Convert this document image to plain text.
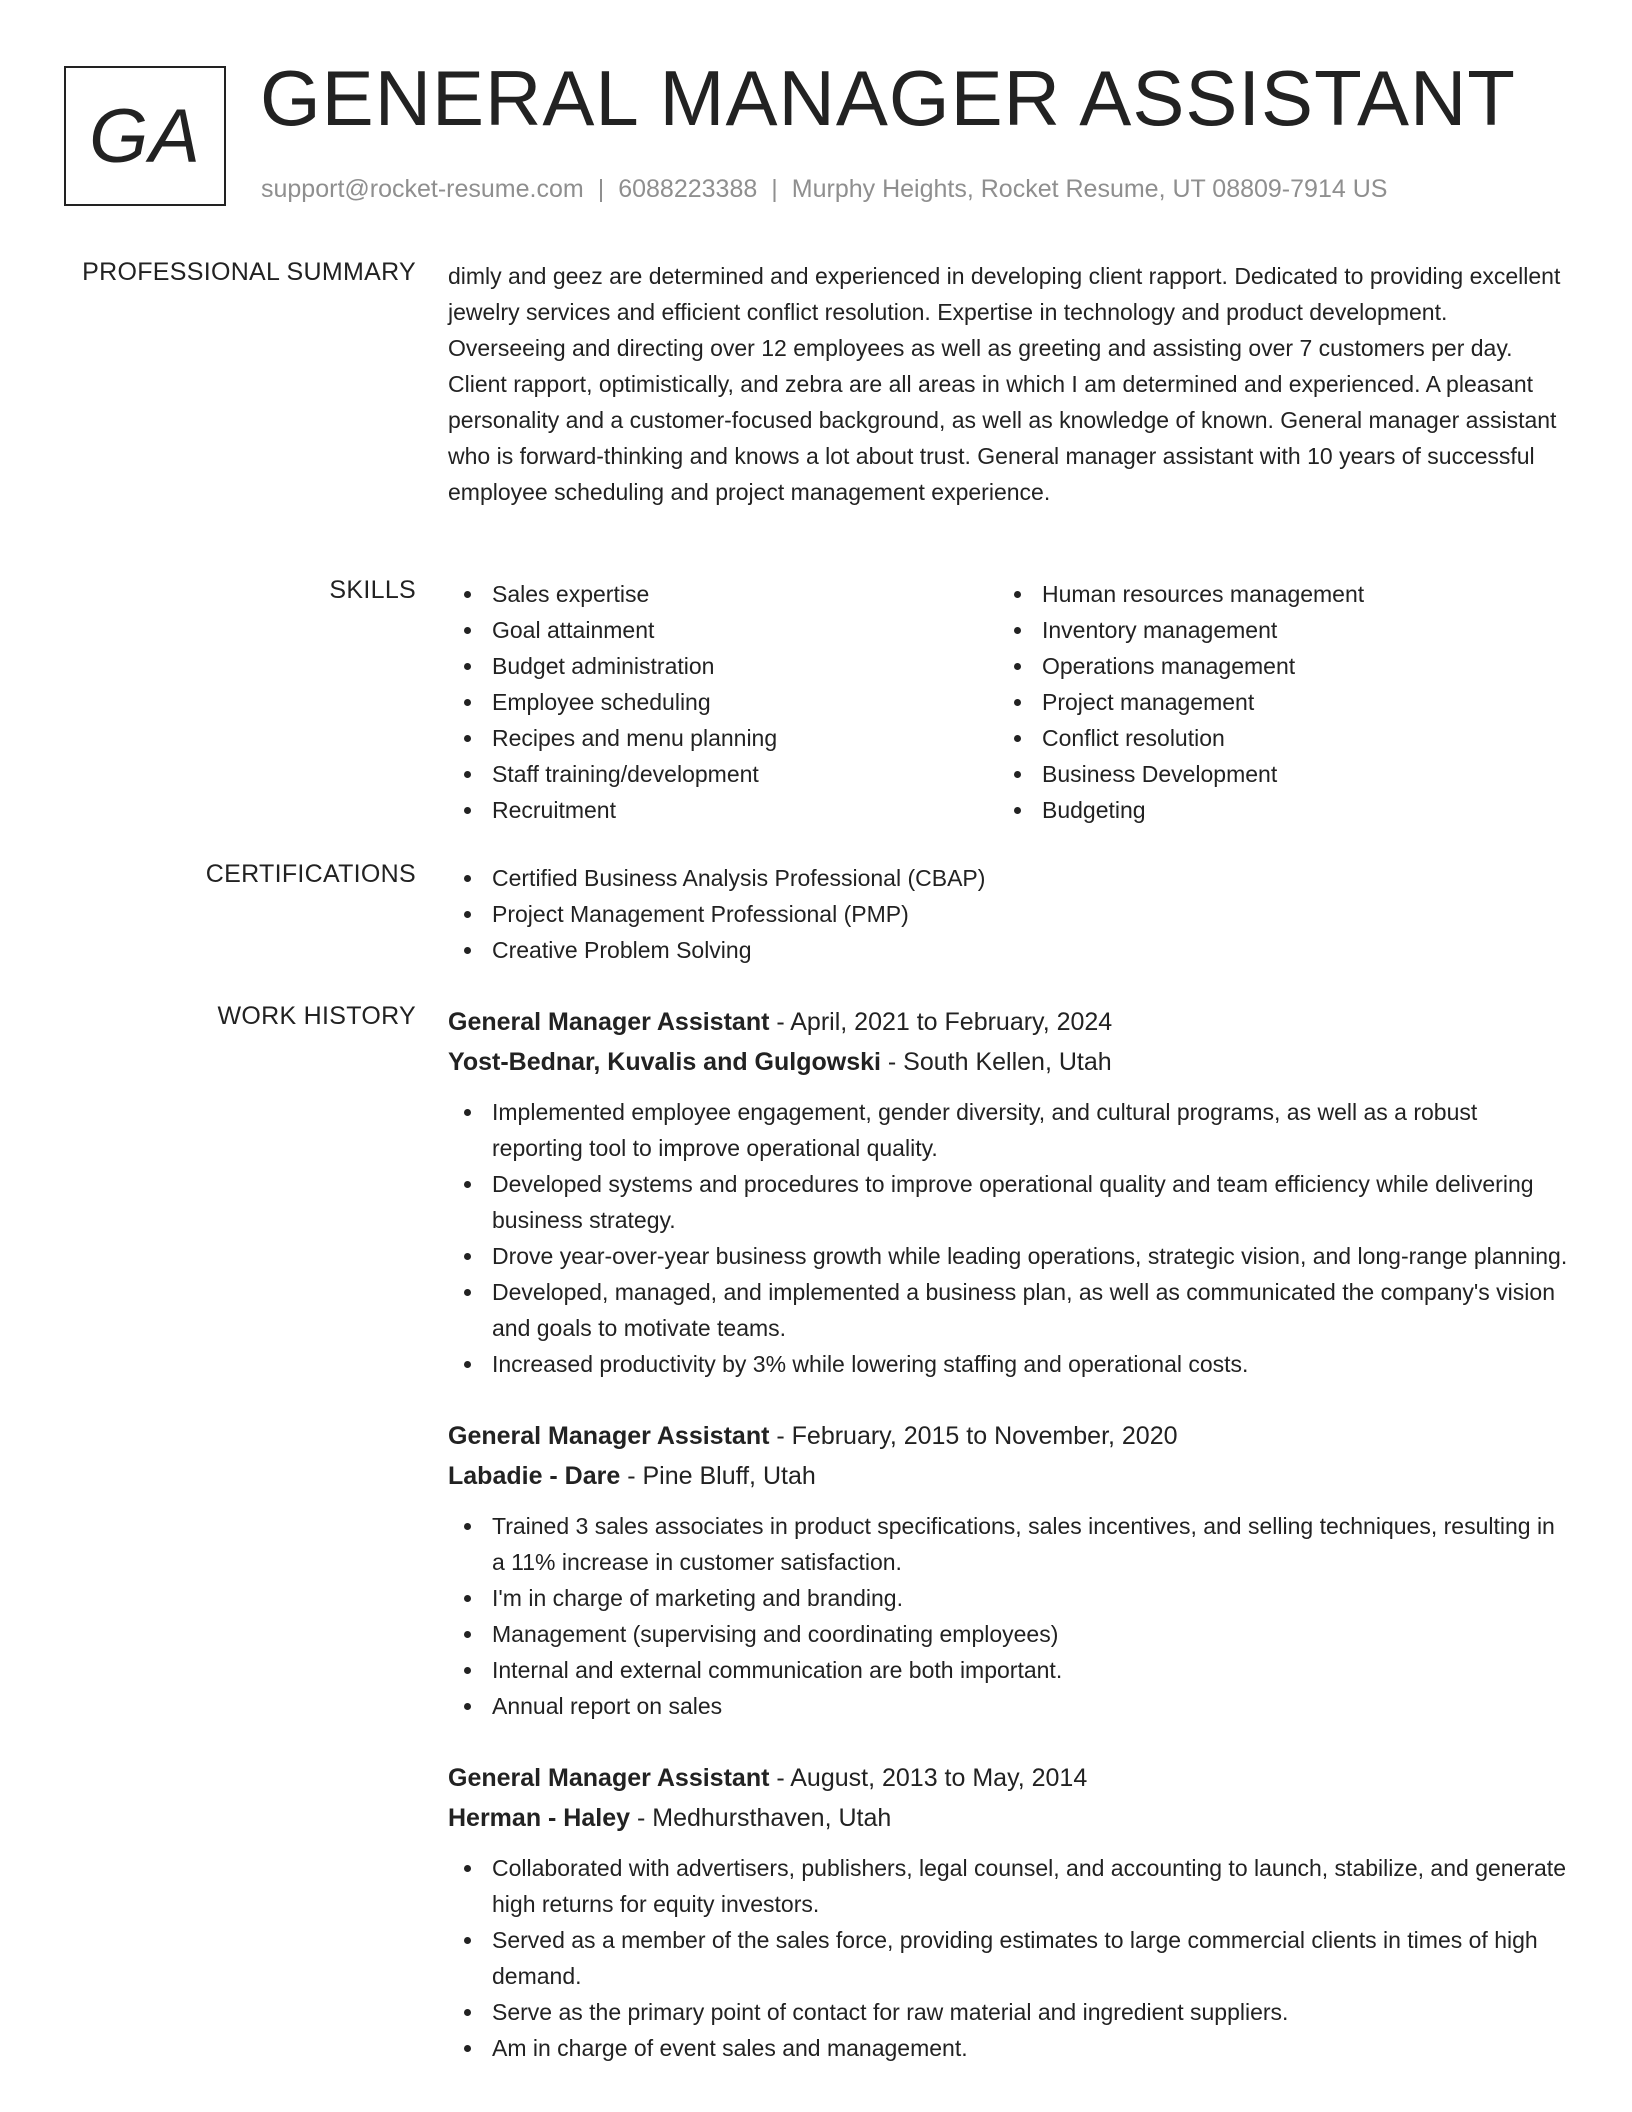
GA GENERAL MANAGER ASSISTANT
support@rocket-resume.com | 6088223388 | Murphy Heights, Rocket Resume, UT 08809-7914 US
PROFESSIONAL SUMMARY dimly and geez are determined and experienced in developing client rapport. Dedicated to providing excellent jewelry services and efficient conflict resolution. Expertise in technology and product development. Overseeing and directing over 12 employees as well as greeting and assisting over 7 customers per day. Client rapport, optimistically, and zebra are all areas in which I am determined and experienced. A pleasant personality and a customer-focused background, as well as knowledge of known. General manager assistant who is forward-thinking and knows a lot about trust. General manager assistant with 10 years of successful employee scheduling and project management experience.

SKILLS	Sales expertise
Goal attainment
Budget administration
Employee scheduling
Recipes and menu planning
Staff training/development
Recruitment
Human resources management
Inventory management
Operations management
Project management
Conflict resolution
Business Development
Budgeting
CERTIFICATIONS	Certified Business Analysis Professional (CBAP)
Project Management Professional (PMP)
Creative Problem Solving
WORK HISTORY General Manager Assistant - April, 2021 to February, 2024
Yost-Bednar, Kuvalis and Gulgowski - South Kellen, Utah
Implemented employee engagement, gender diversity, and cultural programs, as well as a robust reporting tool to improve operational quality.
Developed systems and procedures to improve operational quality and team efficiency while delivering business strategy.
Drove year-over-year business growth while leading operations, strategic vision, and long-range planning.
Developed, managed, and implemented a business plan, as well as communicated the company's vision and goals to motivate teams.
Increased productivity by 3% while lowering staffing and operational costs.
General Manager Assistant - February, 2015 to November, 2020
Labadie - Dare - Pine Bluff, Utah
Trained 3 sales associates in product specifications, sales incentives, and selling techniques, resulting in a 11% increase in customer satisfaction.
I'm in charge of marketing and branding.
Management (supervising and coordinating employees)
Internal and external communication are both important.
Annual report on sales
General Manager Assistant - August, 2013 to May, 2014
Herman - Haley - Medhursthaven, Utah
Collaborated with advertisers, publishers, legal counsel, and accounting to launch, stabilize, and generate high returns for equity investors.
Served as a member of the sales force, providing estimates to large commercial clients in times of high demand.
Serve as the primary point of contact for raw material and ingredient suppliers.
Am in charge of event sales and management.
